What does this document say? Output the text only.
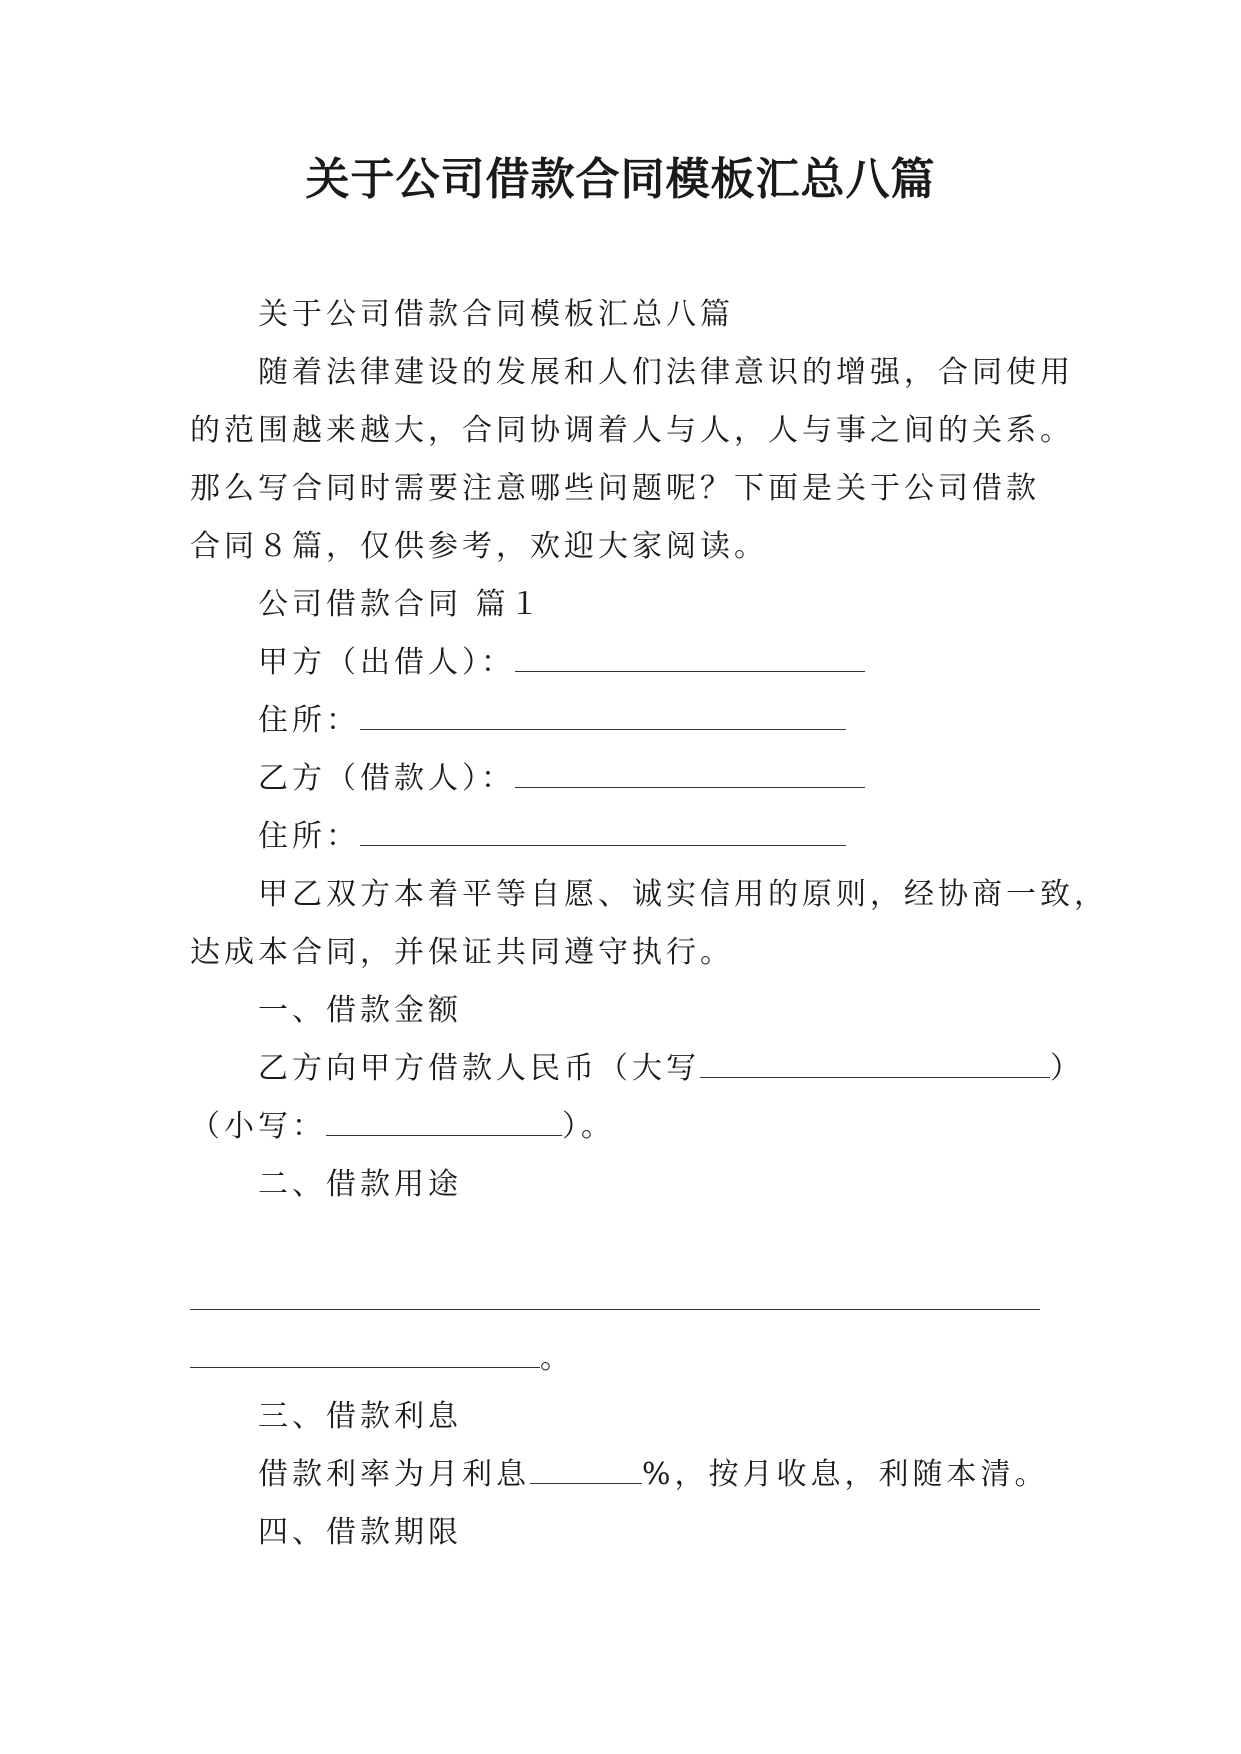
关于公司借款合同模板汇总八篇

关于公司借款合同模板汇总八篇

随着法律建设的发展和人们法律意识的增强，合同使用

的范围越来越大，合同协调着人与人，人与事之间的关系。

那么写合同时需要注意哪些问题呢？下面是关于公司借款

合同８篇，仅供参考，欢迎大家阅读。

公司借款合同 篇１

甲方（出借人）：

住所：

乙方（借款人）：

住所：

甲乙双方本着平等自愿、诚实信用的原则，经协商一致，

达成本合同，并保证共同遵守执行。

一、借款金额

乙方向甲方借款人民币（大写	）

（小写：	）。

二、借款用途

。

三、借款利息

借款利率为月利息	%，按月收息，利随本清。

四、借款期限
